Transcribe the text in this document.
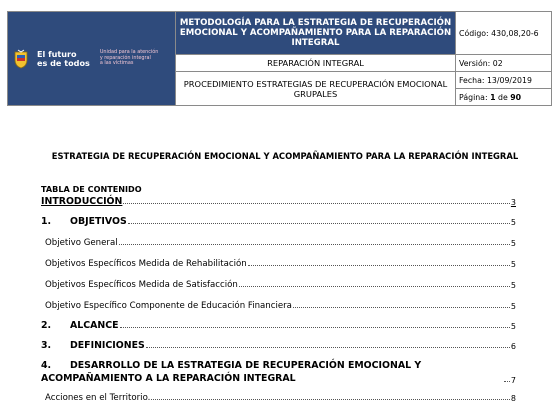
El futuro
es de todos
Unidad para la atención
y reparación integral
a las víctimas	METODOLOGÍA PARA LA ESTRATEGIA DE RECUPERACIÓN EMOCIONAL Y ACOMPAÑAMIENTO PARA LA REPARACIÓN INTEGRAL	Código: 430,08,20-6
	REPARACIÓN INTEGRAL	Versión: 02
	PROCEDIMIENTO ESTRATEGIAS DE RECUPERACIÓN EMOCIONAL GRUPALES	Fecha: 13/09/2019
		Página: 1 de 90
ESTRATEGIA DE RECUPERACIÓN EMOCIONAL Y ACOMPAÑAMIENTO PARA LA REPARACIÓN INTEGRAL
TABLA DE CONTENIDO
INTRODUCCIÓN	3
1. OBJETIVOS	5
Objetivo General	5
Objetivos Específicos Medida de Rehabilitación	5
Objetivos Específicos Medida de Satisfacción	5
Objetivo Específico Componente de Educación Financiera	5
2. ALCANCE	5
3. DEFINICIONES	6
4. DESARROLLO DE LA ESTRATEGIA DE RECUPERACIÓN EMOCIONAL Y ACOMPAÑAMIENTO A LA REPARACIÓN INTEGRAL	7
Acciones en el Territorio.	8
